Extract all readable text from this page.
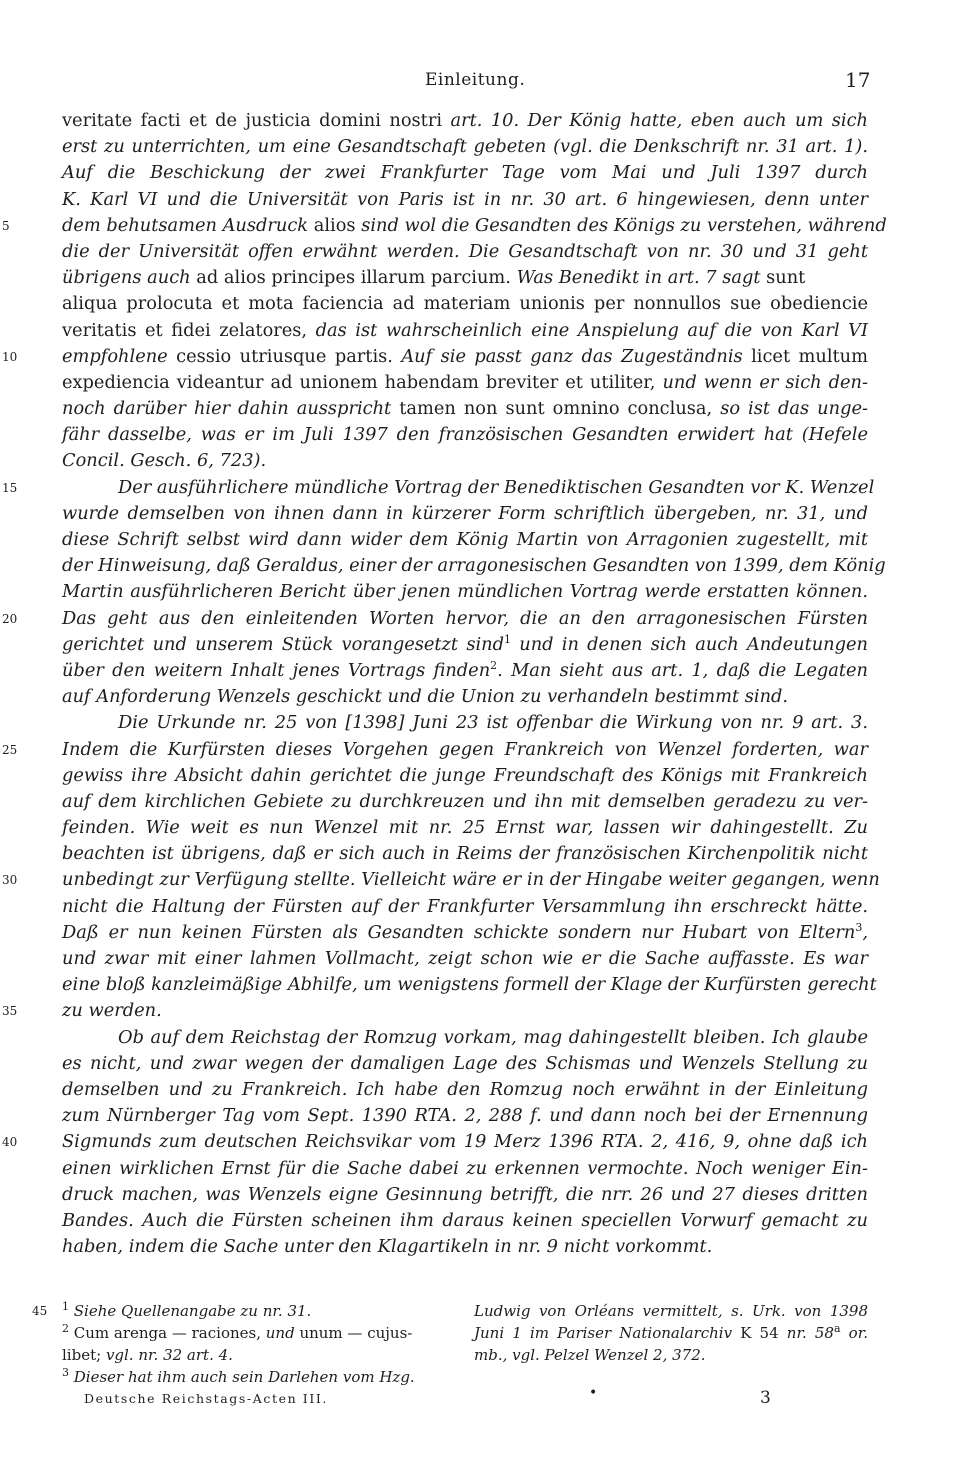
Einleitung.	17
veritate facti et de justicia domini nostri art. 10. Der König hatte, eben auch um sich
erst zu unterrichten, um eine Gesandtschaft gebeten (vgl. die Denkschrift nr. 31 art. 1).
Auf die Beschickung der zwei Frankfurter Tage vom Mai und Juli 1397 durch
K. Karl VI und die Universität von Paris ist in nr. 30 art. 6 hingewiesen, denn unter
5	dem behutsamen Ausdruck alios sind wol die Gesandten des Königs zu verstehen, während
die der Universität offen erwähnt werden. Die Gesandtschaft von nr. 30 und 31 geht
übrigens auch ad alios principes illarum parcium. Was Benedikt in art. 7 sagt sunt
aliqua prolocuta et mota faciencia ad materiam unionis per nonnullos sue obediencie
veritatis et fidei zelatores, das ist wahrscheinlich eine Anspielung auf die von Karl VI
10	empfohlene cessio utriusque partis. Auf sie passt ganz das Zugeständnis licet multum
expediencia videantur ad unionem habendam breviter et utiliter, und wenn er sich den-
noch darüber hier dahin ausspricht tamen non sunt omnino conclusa, so ist das unge-
fähr dasselbe, was er im Juli 1397 den französischen Gesandten erwidert hat (Hefele
Concil. Gesch. 6, 723).
15	Der ausführlichere mündliche Vortrag der Benediktischen Gesandten vor K. Wenzel
wurde demselben von ihnen dann in kürzerer Form schriftlich übergeben, nr. 31, und
diese Schrift selbst wird dann wider dem König Martin von Arragonien zugestellt, mit
der Hinweisung, daß Geraldus, einer der arragonesischen Gesandten von 1399, dem König
Martin ausführlicheren Bericht über jenen mündlichen Vortrag werde erstatten können.
20	Das geht aus den einleitenden Worten hervor, die an den arragonesischen Fürsten
gerichtet und unserem Stück vorangesetzt sind$^1$ und in denen sich auch Andeutungen
über den weitern Inhalt jenes Vortrags finden$^2$. Man sieht aus art. 1, daß die Legaten
auf Anforderung Wenzels geschickt und die Union zu verhandeln bestimmt sind.
Die Urkunde nr. 25 von [1398] Juni 23 ist offenbar die Wirkung von nr. 9 art. 3.
25	Indem die Kurfürsten dieses Vorgehen gegen Frankreich von Wenzel forderten, war
gewiss ihre Absicht dahin gerichtet die junge Freundschaft des Königs mit Frankreich
auf dem kirchlichen Gebiete zu durchkreuzen und ihn mit demselben geradezu zu ver-
feinden. Wie weit es nun Wenzel mit nr. 25 Ernst war, lassen wir dahingestellt. Zu
beachten ist übrigens, daß er sich auch in Reims der französischen Kirchenpolitik nicht
30	unbedingt zur Verfügung stellte. Vielleicht wäre er in der Hingabe weiter gegangen, wenn
nicht die Haltung der Fürsten auf der Frankfurter Versammlung ihn erschreckt hätte.
Daß er nun keinen Fürsten als Gesandten schickte sondern nur Hubart von Eltern$^3$,
und zwar mit einer lahmen Vollmacht, zeigt schon wie er die Sache auffasste. Es war
eine bloß kanzleimäßige Abhilfe, um wenigstens formell der Klage der Kurfürsten gerecht
35	zu werden.
Ob auf dem Reichstag der Romzug vorkam, mag dahingestellt bleiben. Ich glaube
es nicht, und zwar wegen der damaligen Lage des Schismas und Wenzels Stellung zu
demselben und zu Frankreich. Ich habe den Romzug noch erwähnt in der Einleitung
zum Nürnberger Tag vom Sept. 1390 RTA. 2, 288 f. und dann noch bei der Ernennung
40	Sigmunds zum deutschen Reichsvikar vom 19 Merz 1396 RTA. 2, 416, 9, ohne daß ich
einen wirklichen Ernst für die Sache dabei zu erkennen vermochte. Noch weniger Ein-
druck machen, was Wenzels eigne Gesinnung betrifft, die nrr. 26 und 27 dieses dritten
Bandes. Auch die Fürsten scheinen ihm daraus keinen speciellen Vorwurf gemacht zu
haben, indem die Sache unter den Klagartikeln in nr. 9 nicht vorkommt.
45 $^1$ Siehe Quellenangabe zu nr. 31.
$^2$ Cum arenga — raciones, und unum — cujus-
libet; vgl. nr. 32 art. 4.
$^3$ Dieser hat ihm auch sein Darlehen vom Hzg.
Ludwig von Orléans vermittelt, s. Urk. von 1398
Juni 1 im Pariser Nationalarchiv K 54 nr. 58$^a$ or.
mb., vgl. Pelzel Wenzel 2, 372.
Deutsche Reichstags-Acten III.	•	3
